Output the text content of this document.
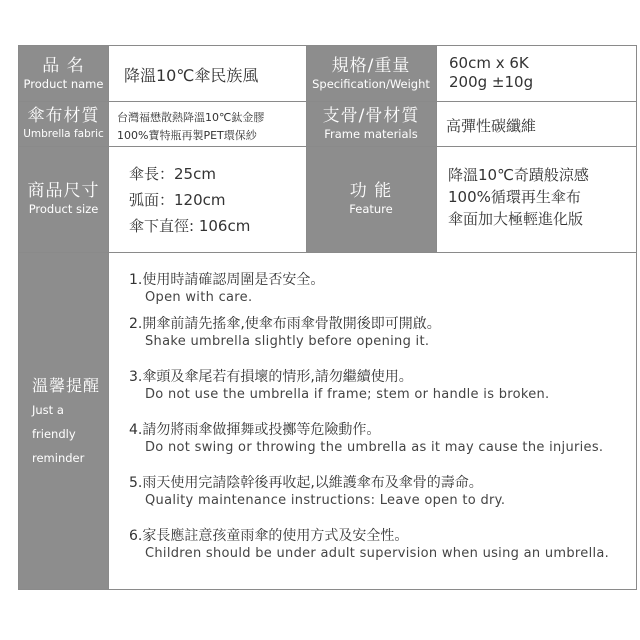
品 名
Product name 降溫10℃傘民族風	規格/重量
Specification/Weight
60cm x 6K
200g ±10g
傘布材質
Umbrella fabric
台灣福懋散熱降溫10℃鈦金膠
100%寶特瓶再製PET環保紗
支骨/骨材質
Frame materials 高彈性碳纖維
商品尺寸
Product size
傘長：25cm
弧面：120cm
傘下直徑: 106cm
功 能
Feature
降溫10℃奇蹟般涼感
100%循環再生傘布
傘面加大極輕進化版
溫馨提醒
Just a
friendly
reminder
1.使用時請確認周圍是否安全。
Open with care.
2.開傘前請先搖傘,使傘布雨傘骨散開後即可開啟。
Shake umbrella slightly before opening it.
3.傘頭及傘尾若有損壞的情形,請勿繼續使用。
Do not use the umbrella if frame; stem or handle is broken.
4.請勿將雨傘做揮舞或投擲等危險動作。
Do not swing or throwing the umbrella as it may cause the injuries.
5.雨天使用完請陰幹後再收起,以維護傘布及傘骨的壽命。
Quality maintenance instructions: Leave open to dry.
6.家長應註意孩童雨傘的使用方式及安全性。
Children should be under adult supervision when using an umbrella.
